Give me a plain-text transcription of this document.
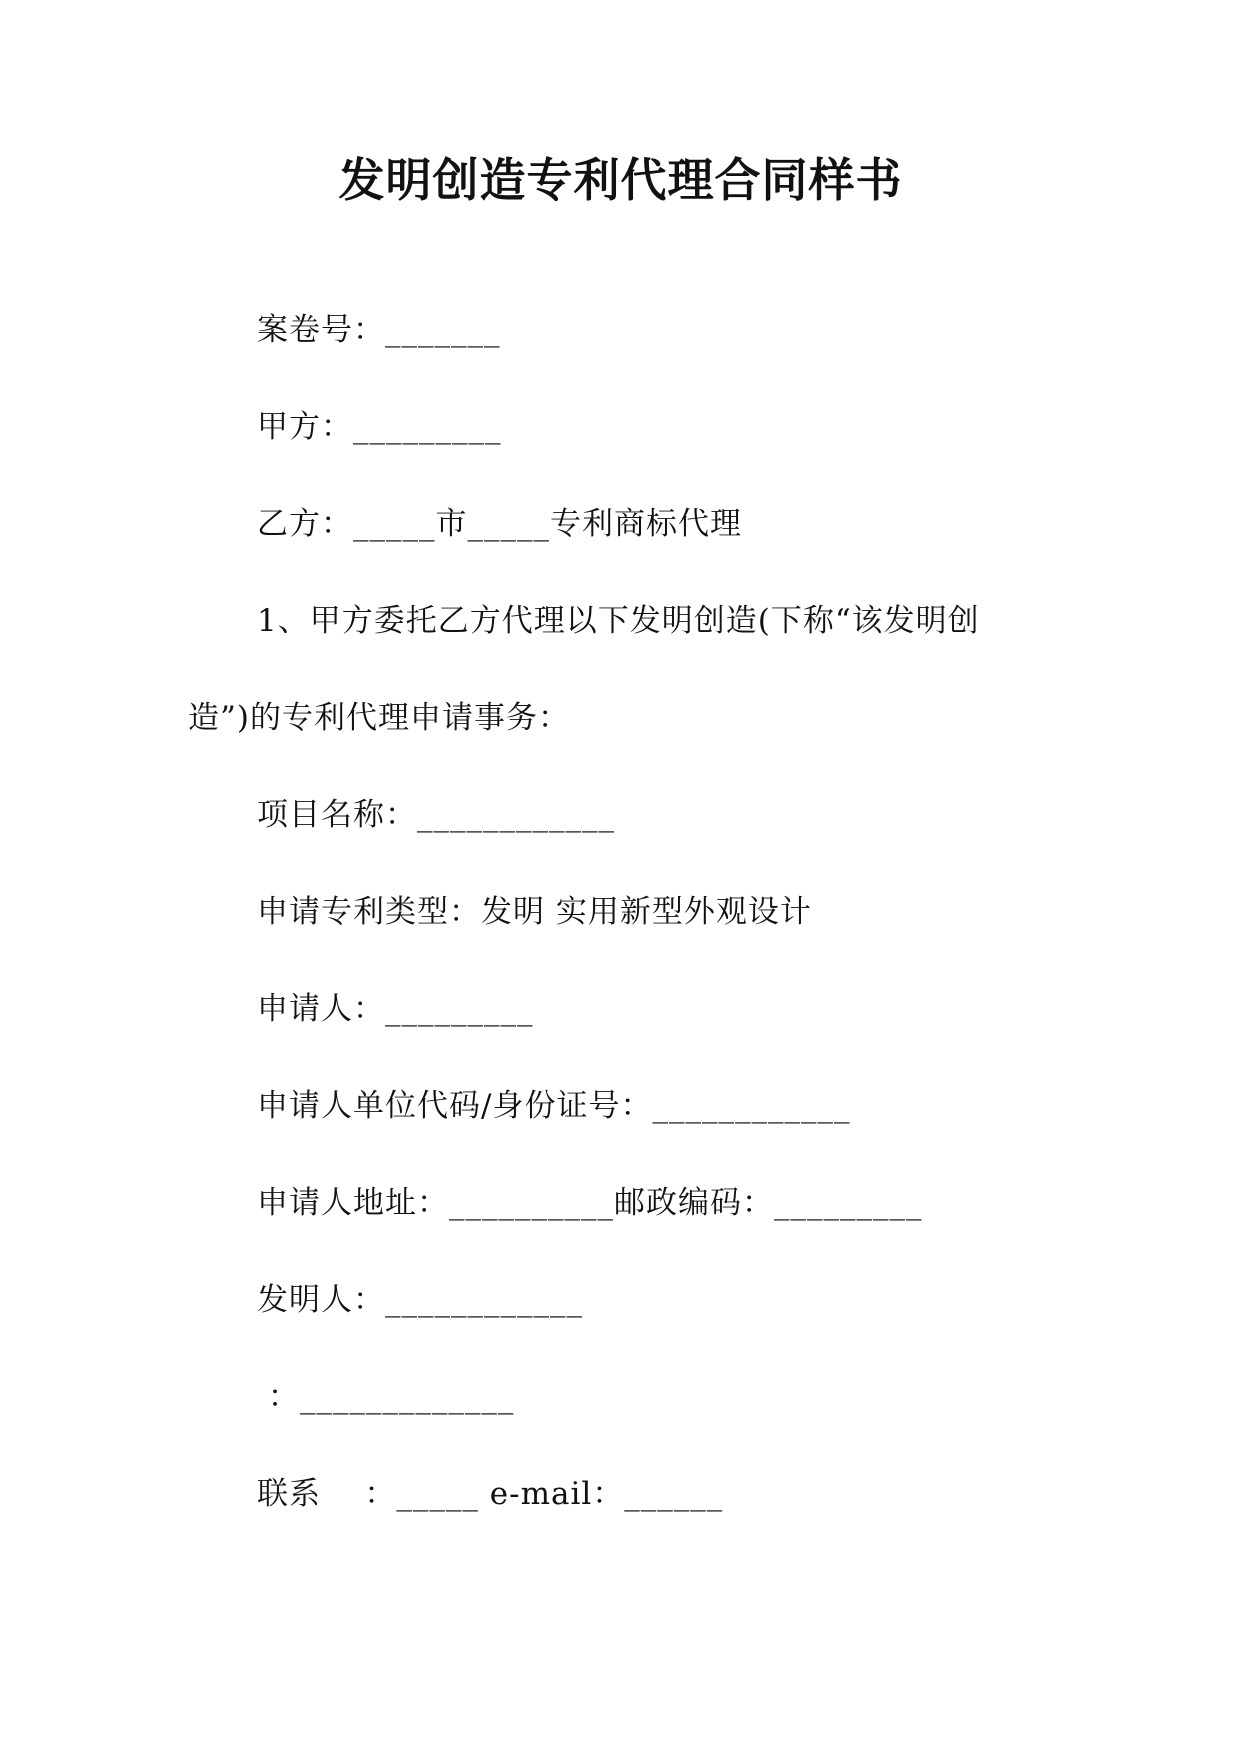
发明创造专利代理合同样书
案卷号：_______
甲方：_________
乙方：_____市_____专利商标代理
1、甲方委托乙方代理以下发明创造(下称“该发明创
造”)的专利代理申请事务：
项目名称：____________
申请专利类型：发明 实用新型外观设计
申请人：_________
申请人单位代码/身份证号：____________
申请人地址：__________邮政编码：_________
发明人：____________
：_____________
联系    ：_____ e-mail：______
